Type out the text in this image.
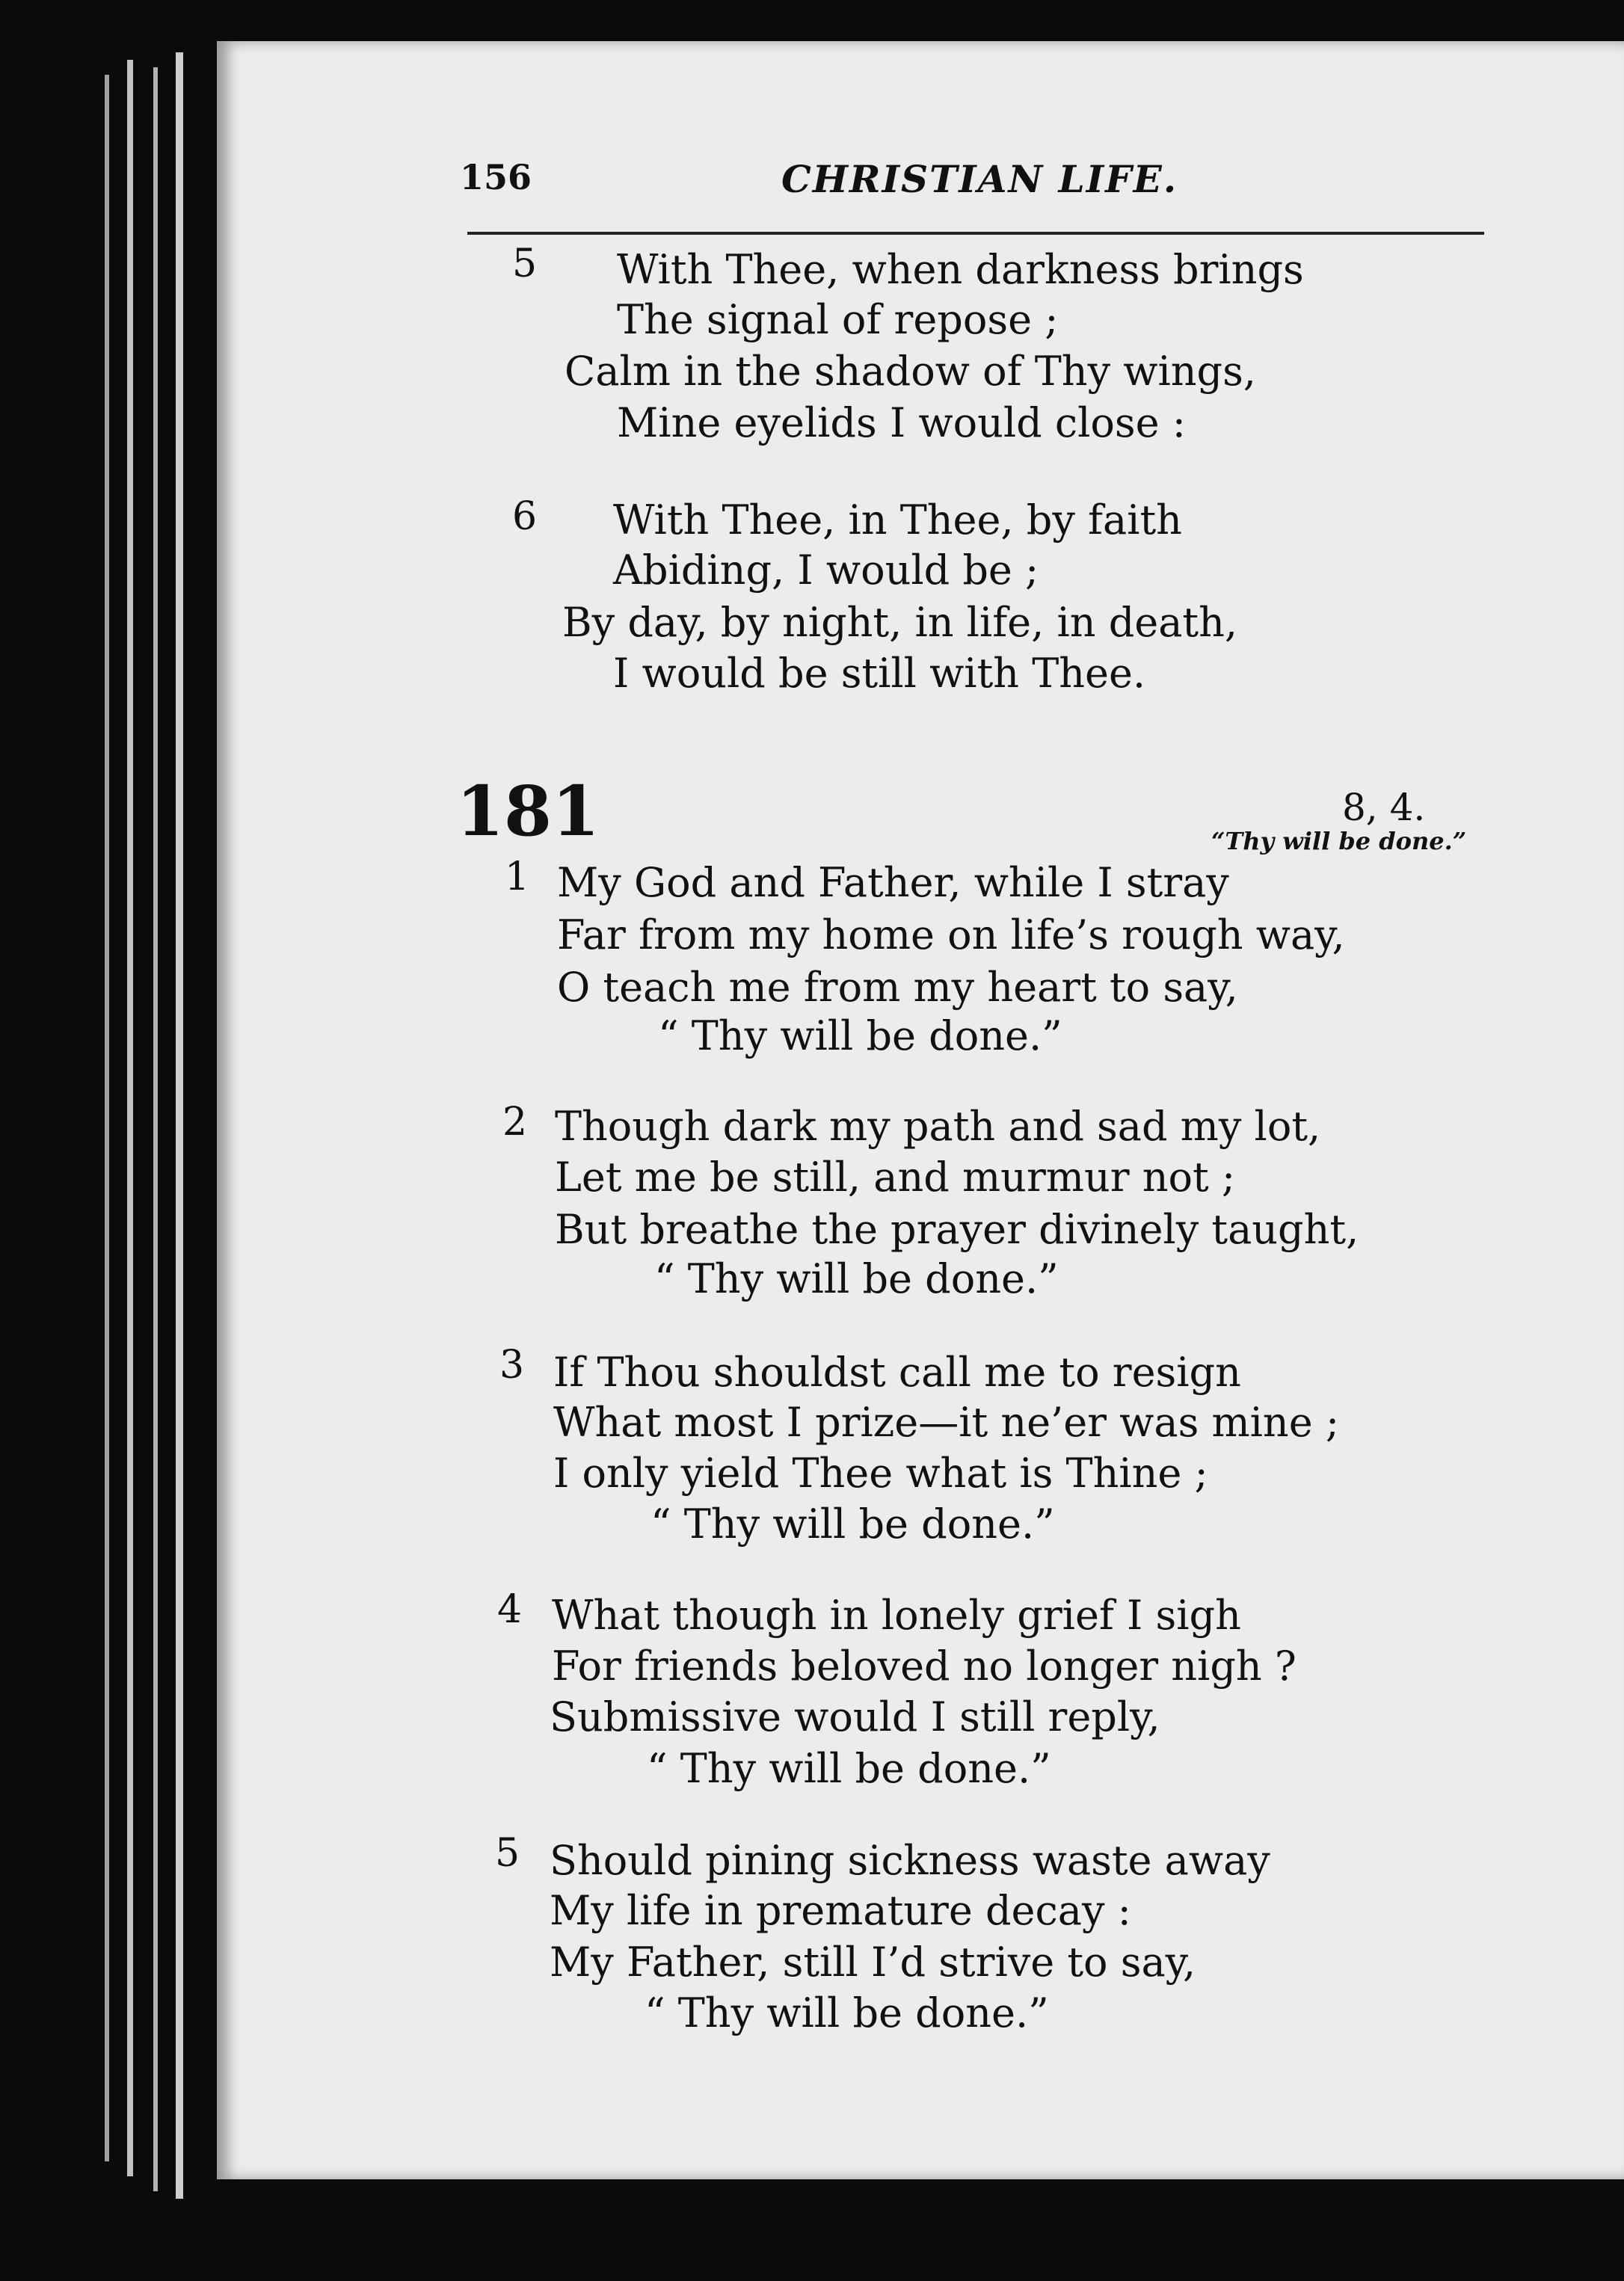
156	CHRISTIAN LIFE.
5 With Thee, when darkness brings
The signal of repose ;
Calm in the shadow of Thy wings,
Mine eyelids I would close :
6 With Thee, in Thee, by faith
Abiding, I would be ;
By day, by night, in life, in death,
I would be still with Thee.
181	8, 4.
“Thy will be done.”
1 My God and Father, while I stray
Far from my home on life’s rough way,
O teach me from my heart to say,
“ Thy will be done.”
2 Though dark my path and sad my lot,
Let me be still, and murmur not ;
But breathe the prayer divinely taught,
“ Thy will be done.”
3 If Thou shouldst call me to resign
What most I prize—it ne’er was mine ;
I only yield Thee what is Thine ;
“ Thy will be done.”
4 What though in lonely grief I sigh
For friends beloved no longer nigh ?
Submissive would I still reply,
“ Thy will be done.”
5 Should pining sickness waste away
My life in premature decay :
My Father, still I’d strive to say,
“ Thy will be done.”
